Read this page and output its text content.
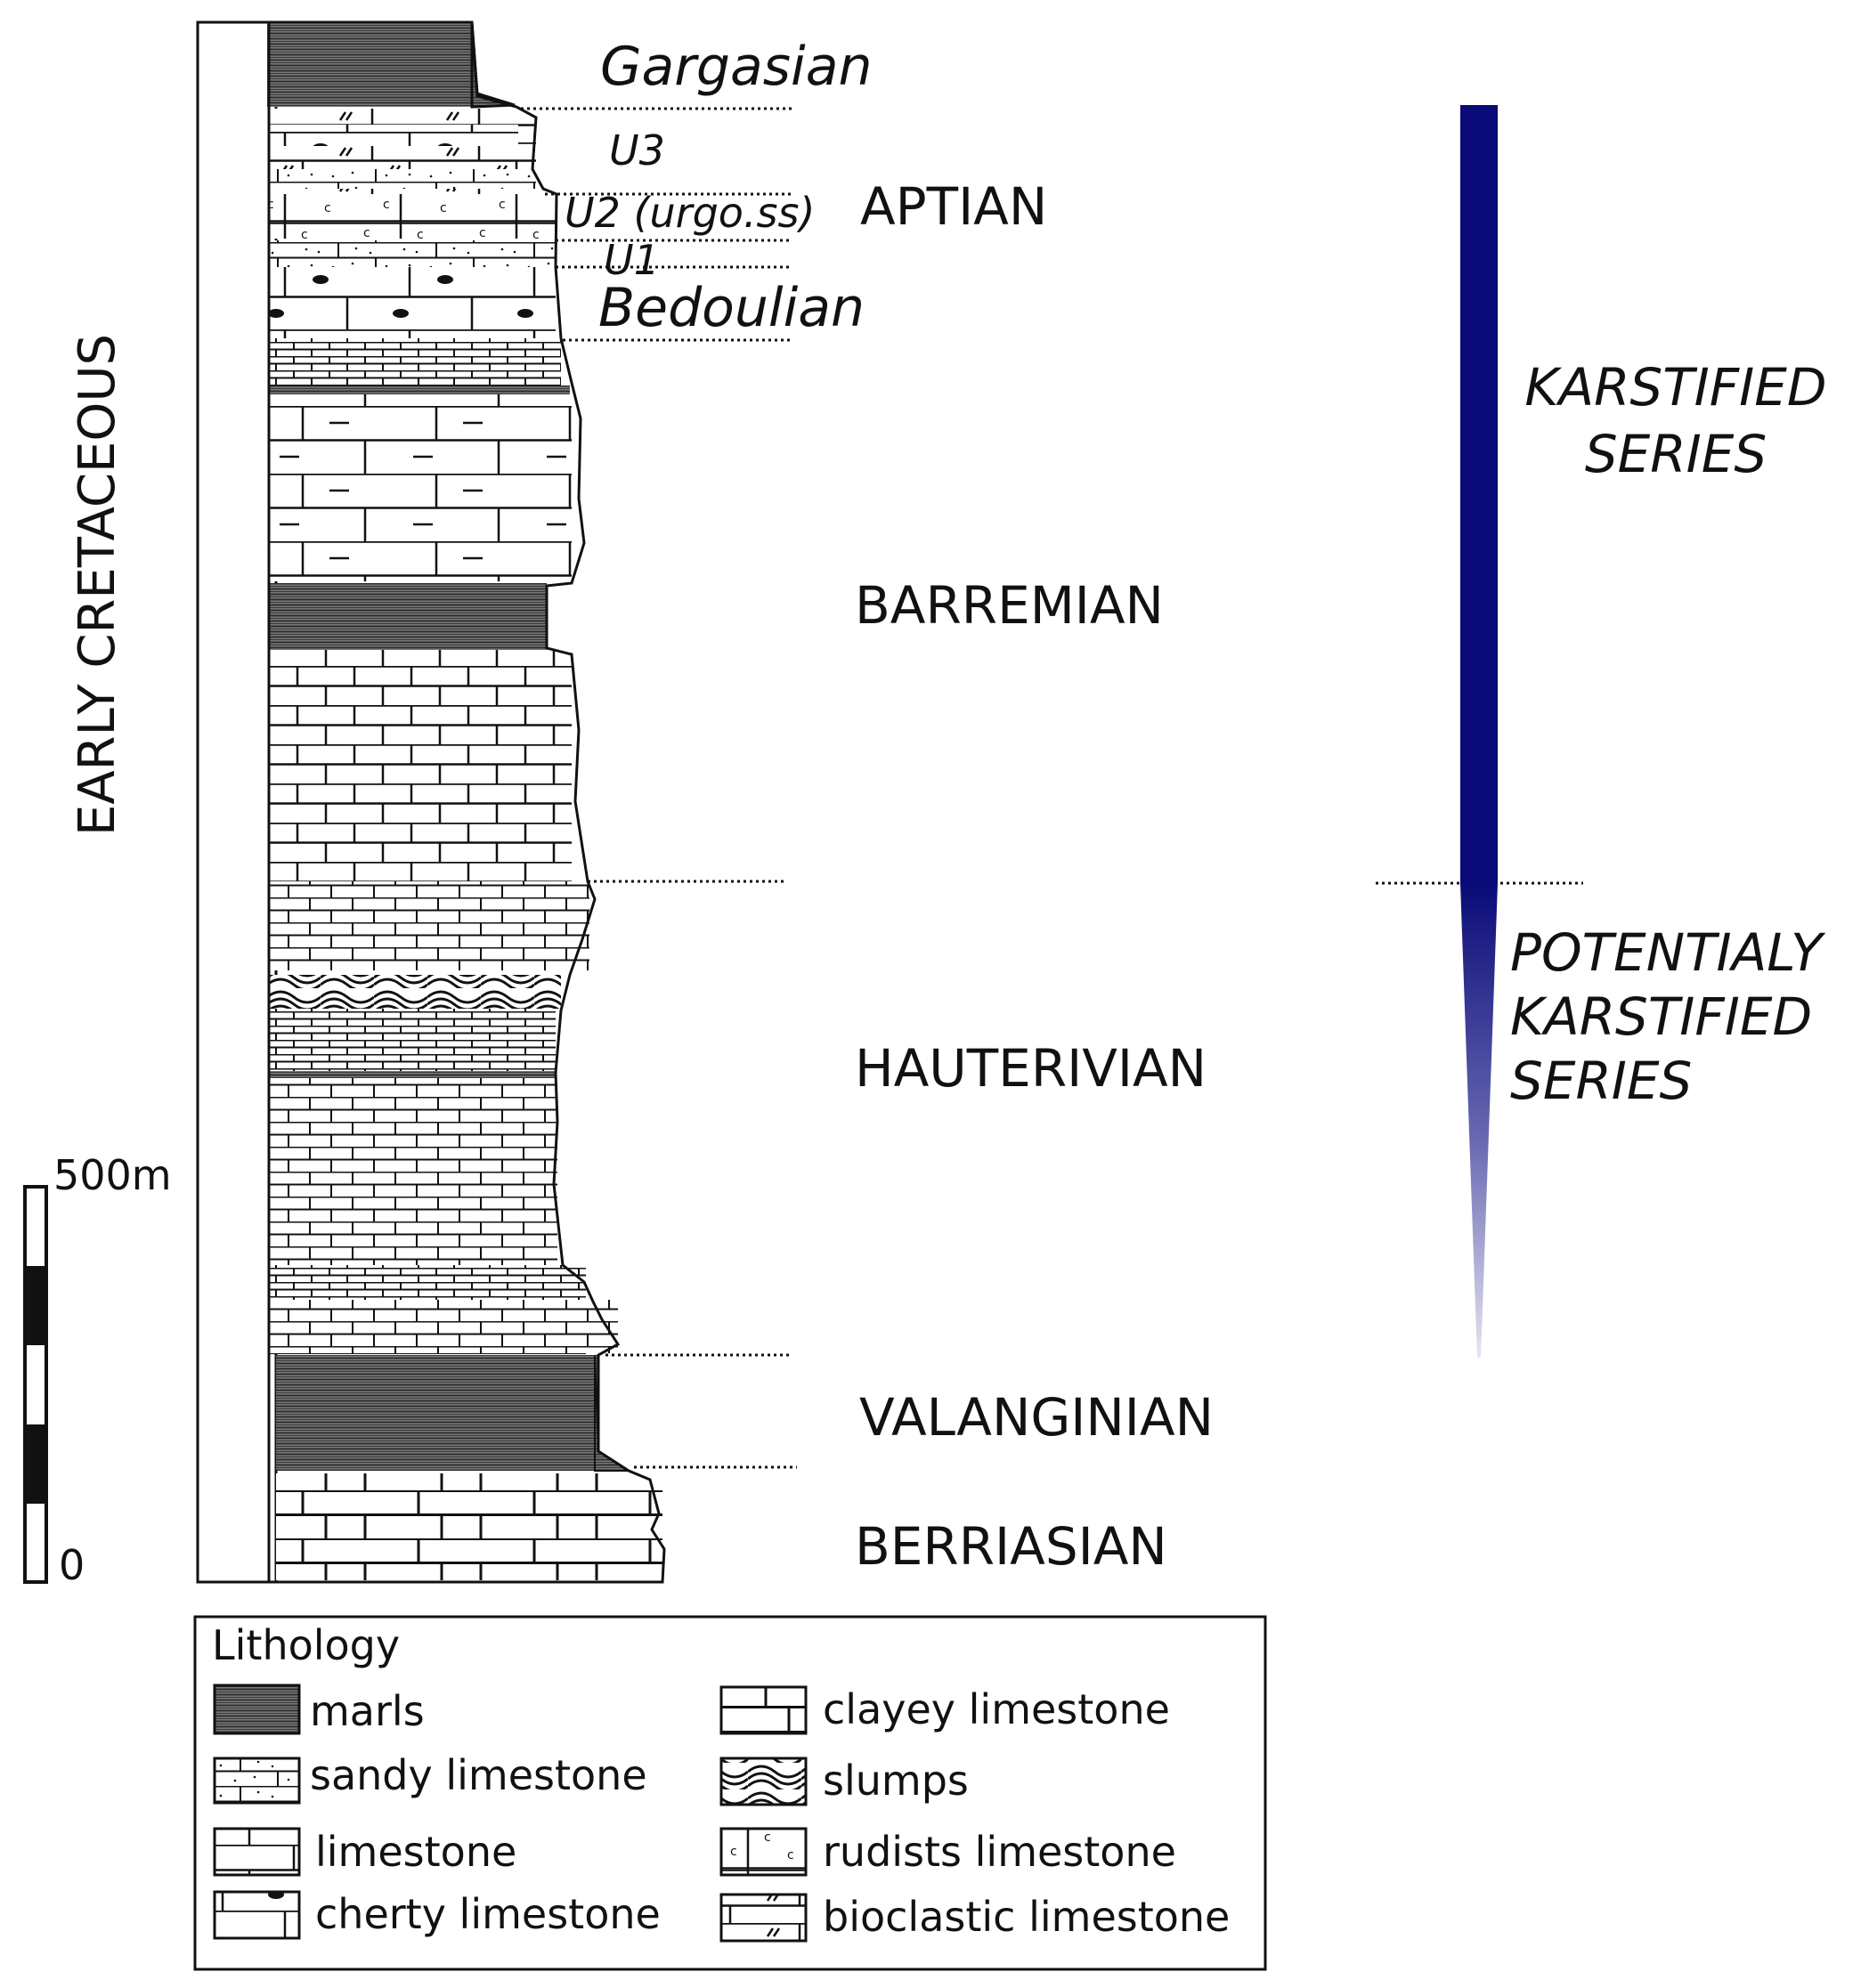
EARLY CRETACEOUS
Gargasian
U3
U2 (urgo.ss)
U1
Bedoulian
APTIAN
BARREMIAN
HAUTERIVIAN
VALANGINIAN
BERRIASIAN
KARSTIFIED
SERIES
POTENTIALY
KARSTIFIED
SERIES
500m
0
Lithology
marls
sandy limestone
limestone
cherty limestone
clayey limestone
slumps
rudists limestone
bioclastic limestone
